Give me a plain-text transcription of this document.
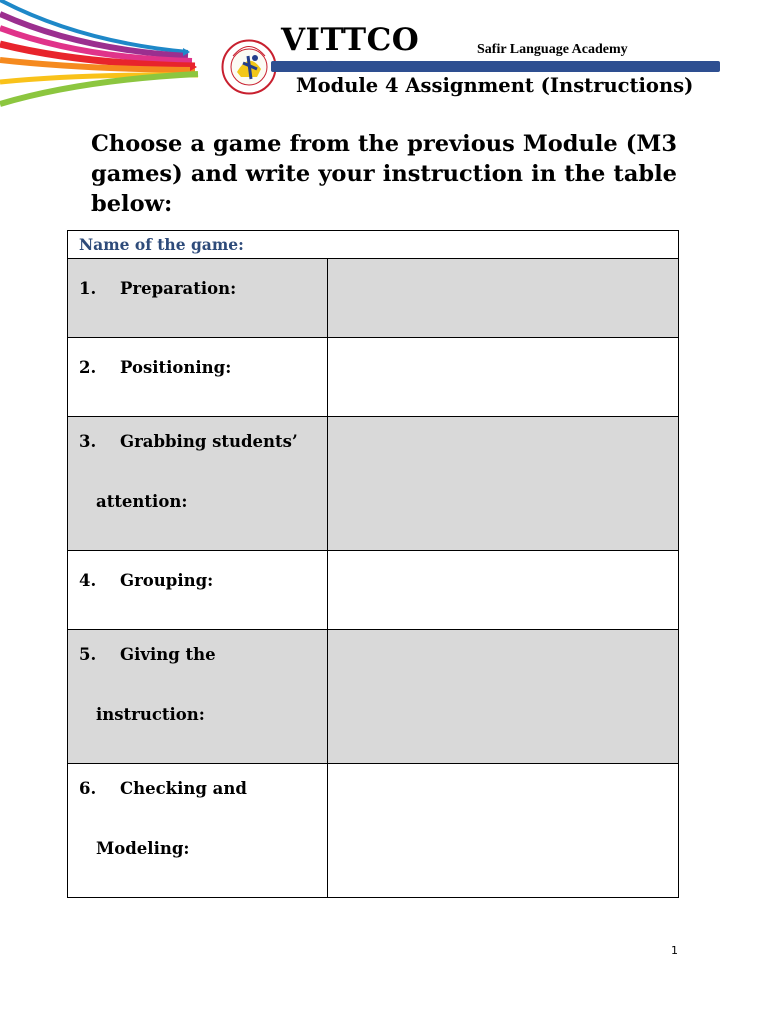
VITTCO	Safir Language Academy
Module 4 Assignment (Instructions)
Choose a game from the previous Module (M3 games) and write your instruction in the table below:
Name of the game:	

1. Preparation:	

2. Positioning:	

3. Grabbing students’
attention:	

4. Grouping:	

5. Giving the
instruction:	

6. Checking and
Modeling:	

1
